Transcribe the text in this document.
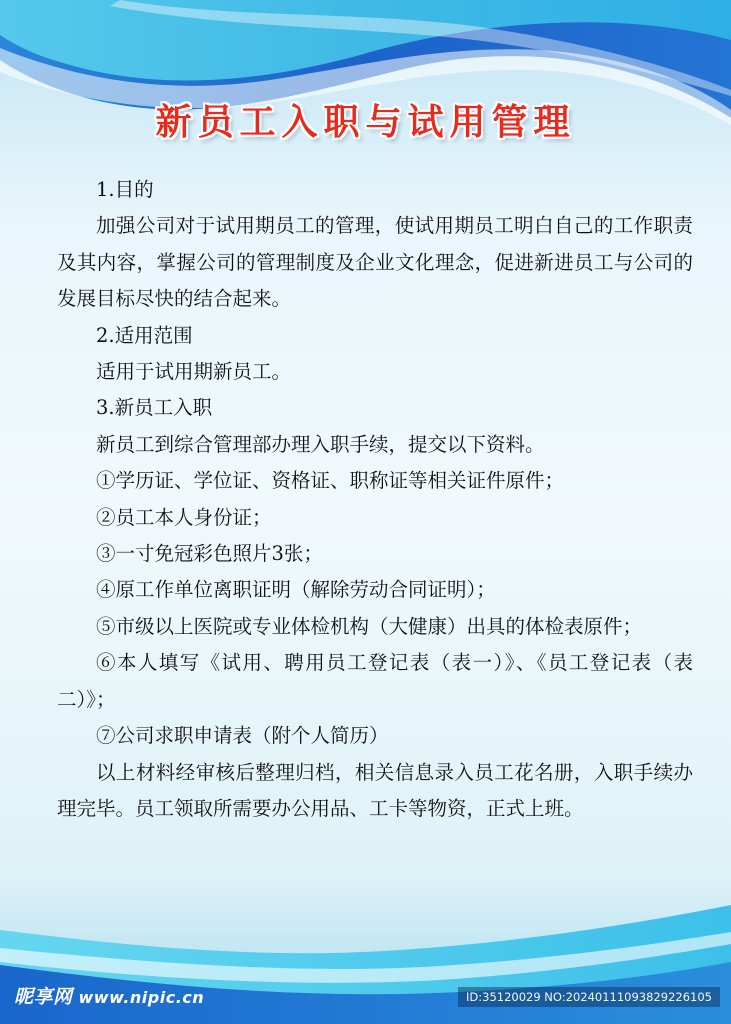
新员工入职与试用管理

1.目的

加强公司对于试用期员工的管理，使试用期员工明白自己的工作职责及其内容，掌握公司的管理制度及企业文化理念，促进新进员工与公司的发展目标尽快的结合起来。

2.适用范围

适用于试用期新员工。

3.新员工入职

新员工到综合管理部办理入职手续，提交以下资料。

①学历证、学位证、资格证、职称证等相关证件原件；

②员工本人身份证；

③一寸免冠彩色照片3张；

④原工作单位离职证明（解除劳动合同证明）；

⑤市级以上医院或专业体检机构（大健康）出具的体检表原件；

⑥本人填写《试用、聘用员工登记表（表一）》、《员工登记表（表二）》；

⑦公司求职申请表（附个人简历）

以上材料经审核后整理归档，相关信息录入员工花名册，入职手续办理完毕。员工领取所需要办公用品、工卡等物资，正式上班。

昵享网 www.nipic.cn	ID:35120029 NO:20240111093829226105
